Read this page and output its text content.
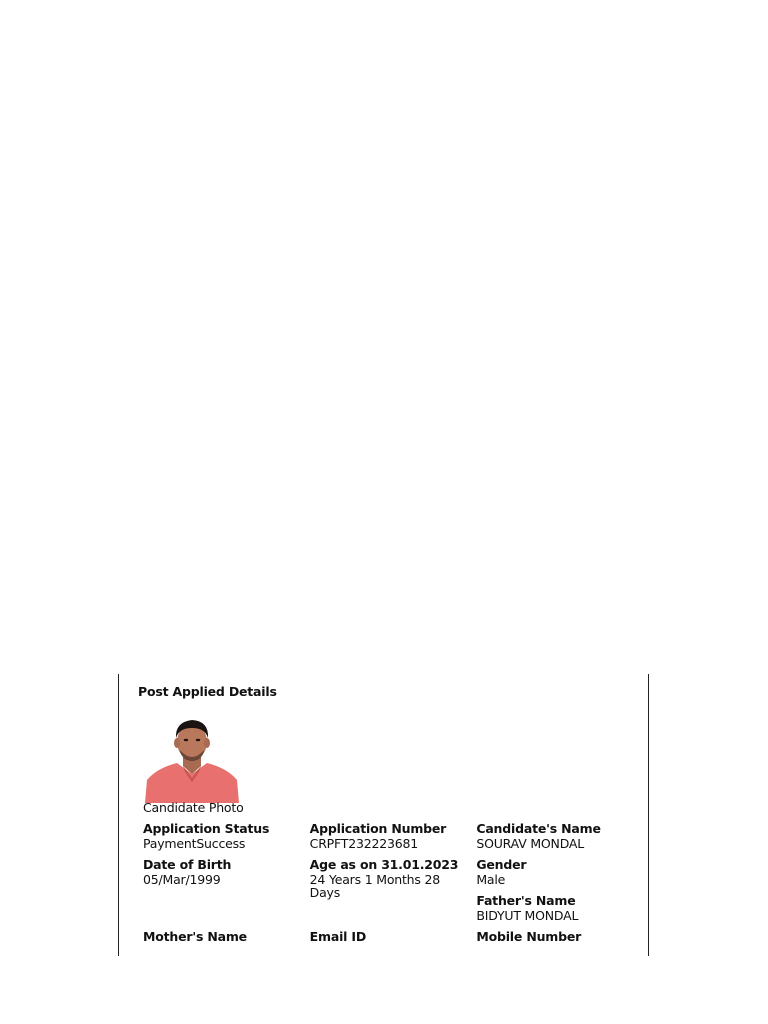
Post Applied Details
Candidate Photo
Application Status
PaymentSuccess
Application Number
CRPFT232223681
Candidate's Name
SOURAV MONDAL
Date of Birth
05/Mar/1999
Age as on 31.01.2023
24 Years 1 Months 28 Days
Gender
Male
Father's Name
BIDYUT MONDAL
Mother's Name	Email ID	Mobile Number
